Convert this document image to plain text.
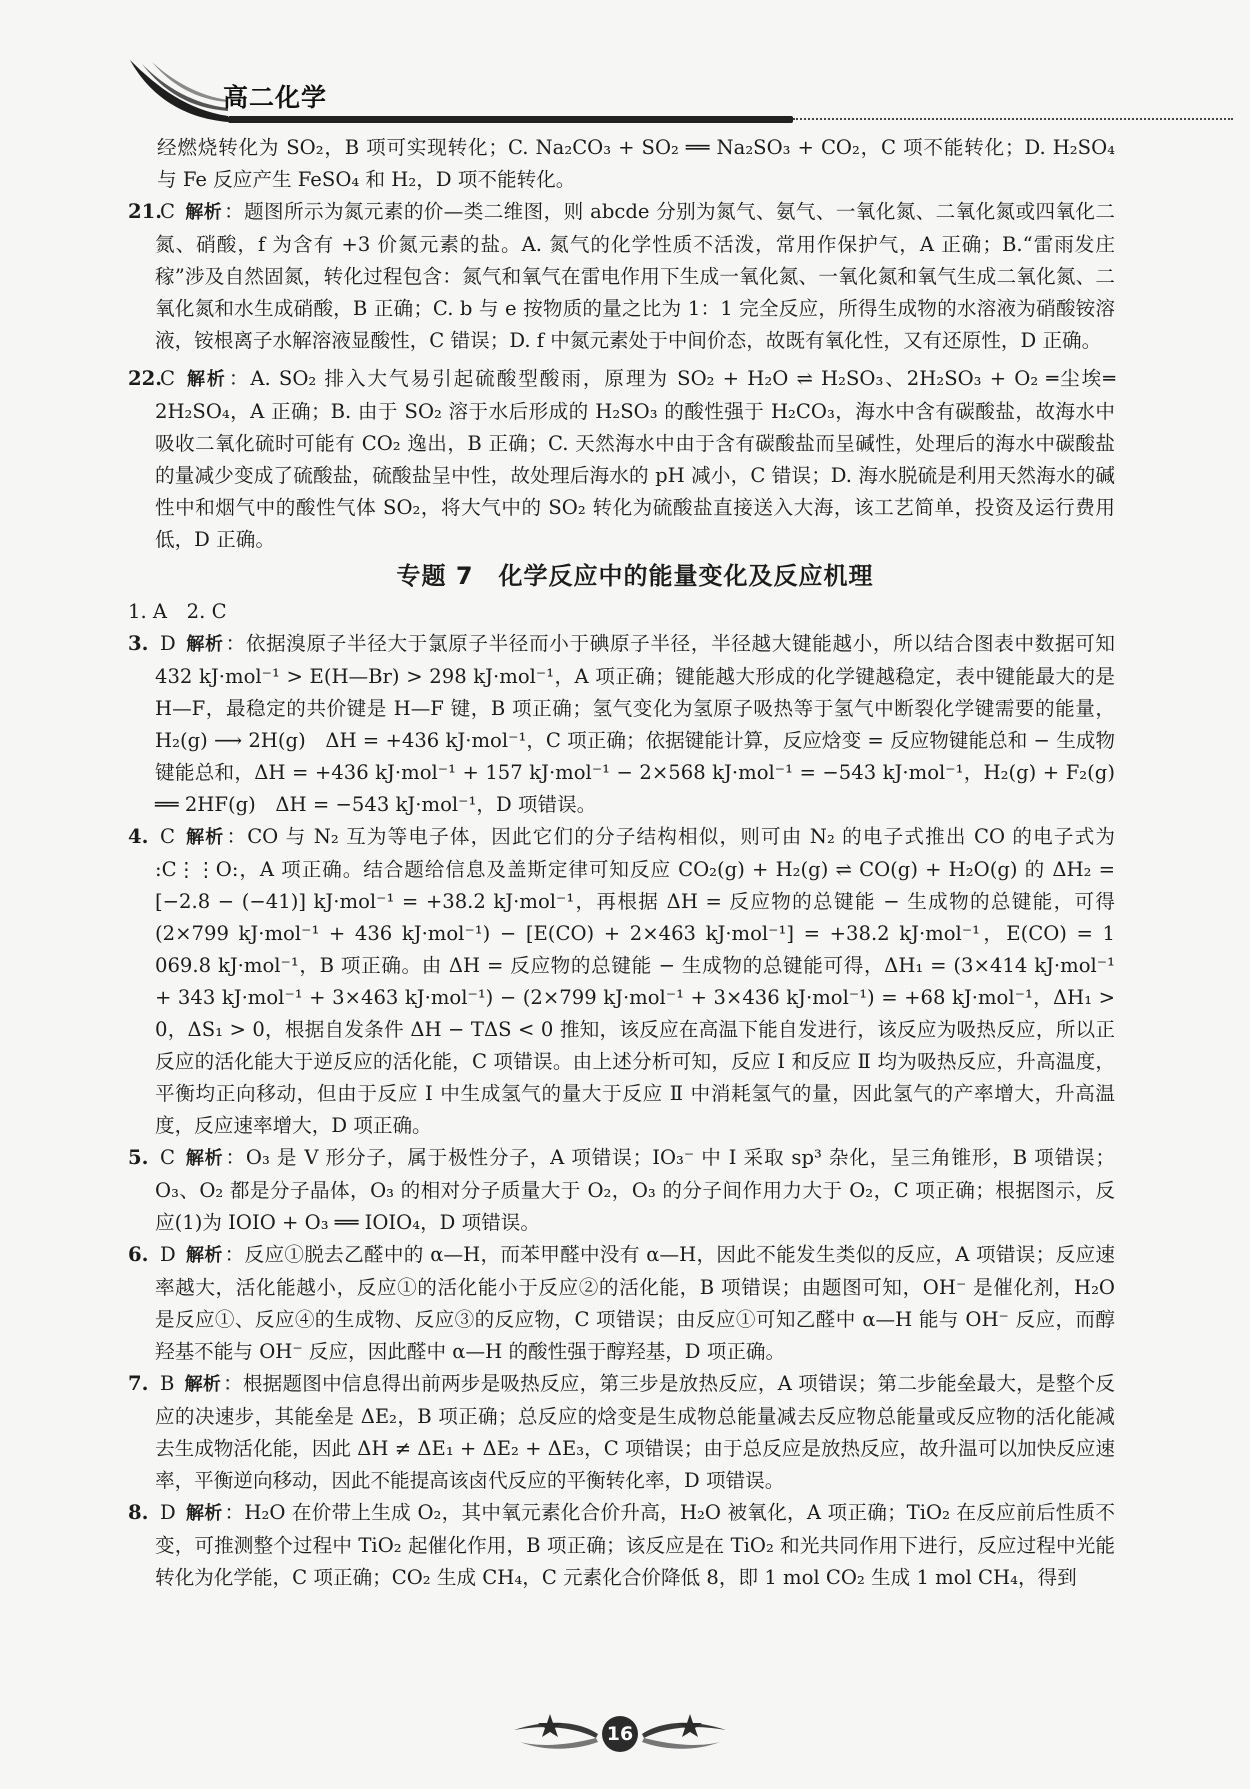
高二化学

经燃烧转化为 SO₂，B 项可实现转化；C. Na₂CO₃ + SO₂ ══ Na₂SO₃ + CO₂，C 项不能转化；D. H₂SO₄ 与 Fe 反应产生 FeSO₄ 和 H₂，D 项不能转化。

21.C 解析 ：题图所示为氮元素的价—类二维图，则 abcde 分别为氮气、氨气、一氧化氮、二氧化氮或四氧化二氮、硝酸，f 为含有 +3 价氮元素的盐。A. 氮气的化学性质不活泼，常用作保护气，A 正确；B.“雷雨发庄稼”涉及自然固氮，转化过程包含：氮气和氧气在雷电作用下生成一氧化氮、一氧化氮和氧气生成二氧化氮、二氧化氮和水生成硝酸，B 正确；C. b 与 e 按物质的量之比为 1：1 完全反应，所得生成物的水溶液为硝酸铵溶液，铵根离子水解溶液显酸性，C 错误；D. f 中氮元素处于中间价态，故既有氧化性，又有还原性，D 正确。

22.C 解析 ：A. SO₂ 排入大气易引起硫酸型酸雨，原理为 SO₂ + H₂O ⇌ H₂SO₃、2H₂SO₃ + O₂ ═尘埃═ 2H₂SO₄，A 正确；B. 由于 SO₂ 溶于水后形成的 H₂SO₃ 的酸性强于 H₂CO₃，海水中含有碳酸盐，故海水中吸收二氧化硫时可能有 CO₂ 逸出，B 正确；C. 天然海水中由于含有碳酸盐而呈碱性，处理后的海水中碳酸盐的量减少变成了硫酸盐，硫酸盐呈中性，故处理后海水的 pH 减小，C 错误；D. 海水脱硫是利用天然海水的碱性中和烟气中的酸性气体 SO₂，将大气中的 SO₂ 转化为硫酸盐直接送入大海，该工艺简单，投资及运行费用低，D 正确。

专题 7　化学反应中的能量变化及反应机理

1. A　2. C

3. D 解析 ：依据溴原子半径大于氯原子半径而小于碘原子半径，半径越大键能越小，所以结合图表中数据可知 432 kJ·mol⁻¹ > E(H—Br) > 298 kJ·mol⁻¹，A 项正确；键能越大形成的化学键越稳定，表中键能最大的是 H—F，最稳定的共价键是 H—F 键，B 项正确；氢气变化为氢原子吸热等于氢气中断裂化学键需要的能量，H₂(g) ⟶ 2H(g)　ΔH = +436 kJ·mol⁻¹，C 项正确；依据键能计算，反应焓变 = 反应物键能总和 − 生成物键能总和，ΔH = +436 kJ·mol⁻¹ + 157 kJ·mol⁻¹ − 2×568 kJ·mol⁻¹ = −543 kJ·mol⁻¹，H₂(g) + F₂(g) ══ 2HF(g)　ΔH = −543 kJ·mol⁻¹，D 项错误。

4. C 解析 ：CO 与 N₂ 互为等电子体，因此它们的分子结构相似，则可由 N₂ 的电子式推出 CO 的电子式为 :C⋮⋮O:，A 项正确。结合题给信息及盖斯定律可知反应 CO₂(g) + H₂(g) ⇌ CO(g) + H₂O(g) 的 ΔH₂ = [−2.8 − (−41)] kJ·mol⁻¹ = +38.2 kJ·mol⁻¹，再根据 ΔH = 反应物的总键能 − 生成物的总键能，可得(2×799 kJ·mol⁻¹ + 436 kJ·mol⁻¹) − [E(CO) + 2×463 kJ·mol⁻¹] = +38.2 kJ·mol⁻¹，E(CO) = 1 069.8 kJ·mol⁻¹，B 项正确。由 ΔH = 反应物的总键能 − 生成物的总键能可得，ΔH₁ = (3×414 kJ·mol⁻¹ + 343 kJ·mol⁻¹ + 3×463 kJ·mol⁻¹) − (2×799 kJ·mol⁻¹ + 3×436 kJ·mol⁻¹) = +68 kJ·mol⁻¹，ΔH₁ > 0，ΔS₁ > 0，根据自发条件 ΔH − TΔS < 0 推知，该反应在高温下能自发进行，该反应为吸热反应，所以正反应的活化能大于逆反应的活化能，C 项错误。由上述分析可知，反应 Ⅰ 和反应 Ⅱ 均为吸热反应，升高温度，平衡均正向移动，但由于反应 Ⅰ 中生成氢气的量大于反应 Ⅱ 中消耗氢气的量，因此氢气的产率增大，升高温度，反应速率增大，D 项正确。

5. C 解析 ：O₃ 是 V 形分子，属于极性分子，A 项错误；IO₃⁻ 中 I 采取 sp³ 杂化，呈三角锥形，B 项错误；O₃、O₂ 都是分子晶体，O₃ 的相对分子质量大于 O₂，O₃ 的分子间作用力大于 O₂，C 项正确；根据图示，反应(1)为 IOIO + O₃ ══ IOIO₄，D 项错误。

6. D 解析 ：反应①脱去乙醛中的 α—H，而苯甲醛中没有 α—H，因此不能发生类似的反应，A 项错误；反应速率越大，活化能越小，反应①的活化能小于反应②的活化能，B 项错误；由题图可知，OH⁻ 是催化剂，H₂O 是反应①、反应④的生成物、反应③的反应物，C 项错误；由反应①可知乙醛中 α—H 能与 OH⁻ 反应，而醇羟基不能与 OH⁻ 反应，因此醛中 α—H 的酸性强于醇羟基，D 项正确。

7. B 解析 ：根据题图中信息得出前两步是吸热反应，第三步是放热反应，A 项错误；第二步能垒最大，是整个反应的决速步，其能垒是 ΔE₂，B 项正确；总反应的焓变是生成物总能量减去反应物总能量或反应物的活化能减去生成物活化能，因此 ΔH ≠ ΔE₁ + ΔE₂ + ΔE₃，C 项错误；由于总反应是放热反应，故升温可以加快反应速率，平衡逆向移动，因此不能提高该卤代反应的平衡转化率，D 项错误。

8. D 解析 ：H₂O 在价带上生成 O₂，其中氧元素化合价升高，H₂O 被氧化，A 项正确；TiO₂ 在反应前后性质不变，可推测整个过程中 TiO₂ 起催化作用，B 项正确；该反应是在 TiO₂ 和光共同作用下进行，反应过程中光能转化为化学能，C 项正确；CO₂ 生成 CH₄，C 元素化合价降低 8，即 1 mol CO₂ 生成 1 mol CH₄，得到

16
